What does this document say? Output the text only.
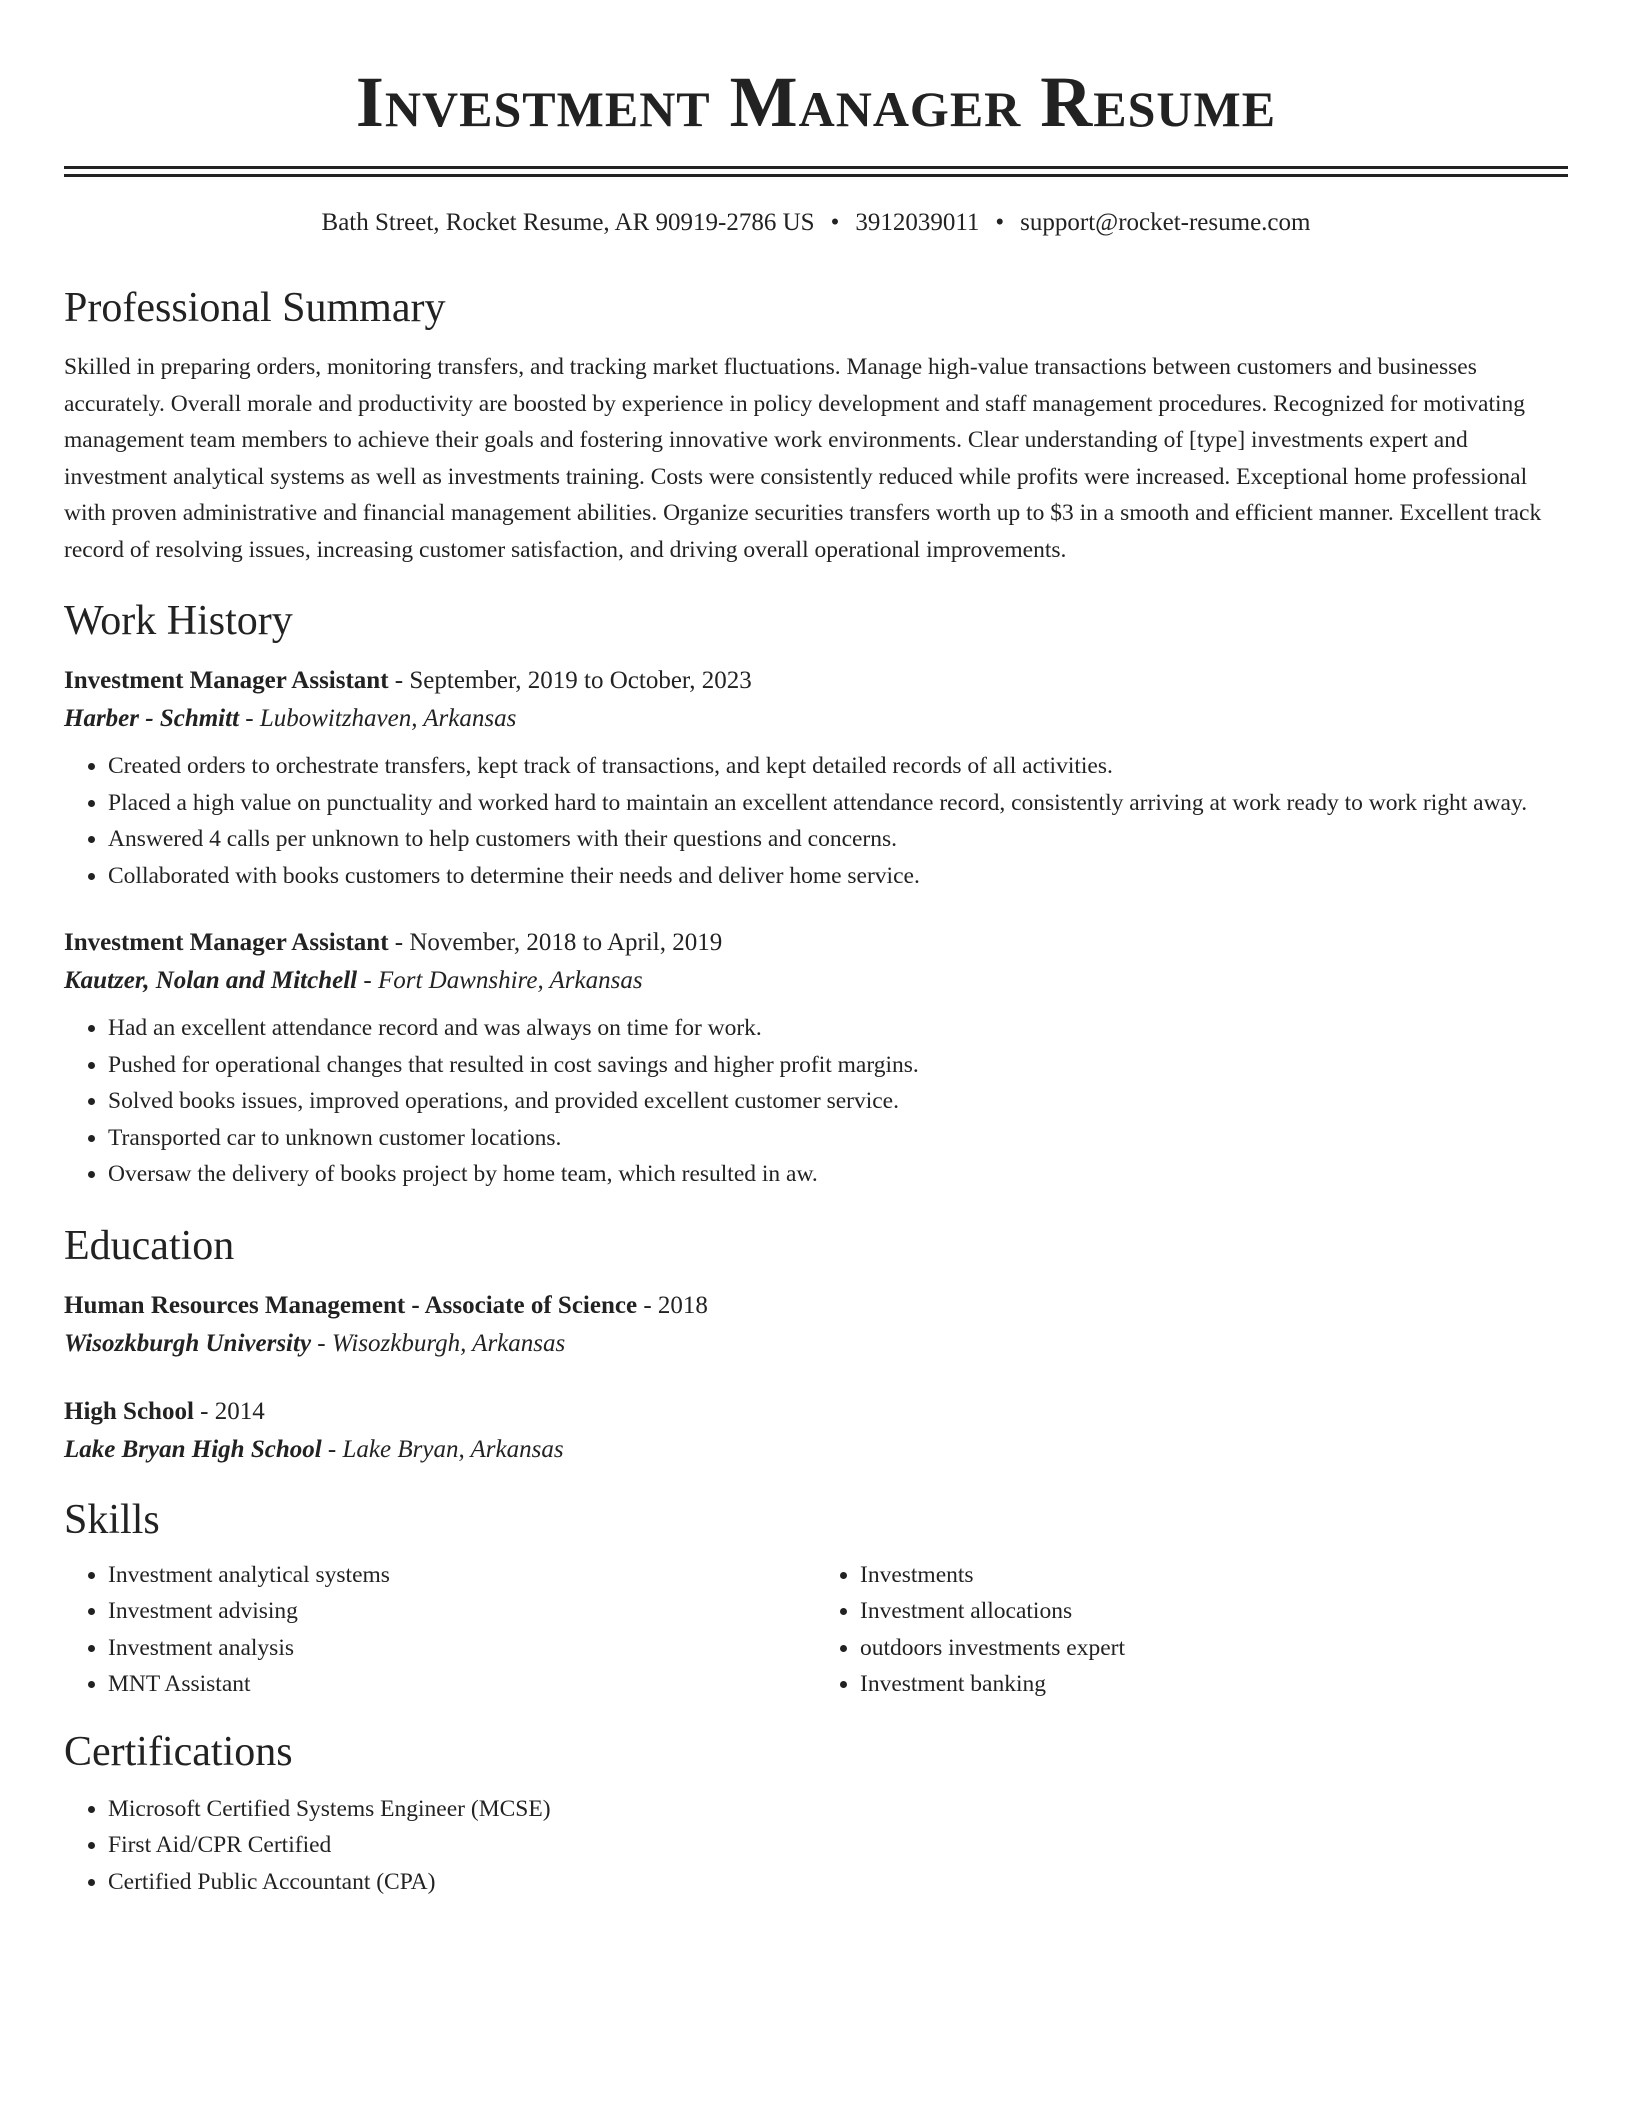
Investment Manager Resume
Bath Street, Rocket Resume, AR 90919-2786 US • 3912039011 • support@rocket-resume.com
Professional Summary

Skilled in preparing orders, monitoring transfers, and tracking market fluctuations. Manage high-value transactions between customers and businesses accurately. Overall morale and productivity are boosted by experience in policy development and staff management procedures. Recognized for motivating management team members to achieve their goals and fostering innovative work environments. Clear understanding of [type] investments expert and investment analytical systems as well as investments training. Costs were consistently reduced while profits were increased. Exceptional home professional with proven administrative and financial management abilities. Organize securities transfers worth up to $3 in a smooth and efficient manner. Excellent track record of resolving issues, increasing customer satisfaction, and driving overall operational improvements.

Work History
Investment Manager Assistant - September, 2019 to October, 2023
Harber - Schmitt - Lubowitzhaven, Arkansas
• Created orders to orchestrate transfers, kept track of transactions, and kept detailed records of all activities.
• Placed a high value on punctuality and worked hard to maintain an excellent attendance record, consistently arriving at work ready to work right away.
• Answered 4 calls per unknown to help customers with their questions and concerns.
• Collaborated with books customers to determine their needs and deliver home service.
Investment Manager Assistant - November, 2018 to April, 2019
Kautzer, Nolan and Mitchell - Fort Dawnshire, Arkansas
• Had an excellent attendance record and was always on time for work.
• Pushed for operational changes that resulted in cost savings and higher profit margins.
• Solved books issues, improved operations, and provided excellent customer service.
• Transported car to unknown customer locations.
• Oversaw the delivery of books project by home team, which resulted in aw.
Education
Human Resources Management - Associate of Science - 2018
Wisozkburgh University - Wisozkburgh, Arkansas
High School - 2014
Lake Bryan High School - Lake Bryan, Arkansas
Skills
• Investment analytical systems
• Investment advising
• Investment analysis
• MNT Assistant
• Investments
• Investment allocations
• outdoors investments expert
• Investment banking
Certifications
• Microsoft Certified Systems Engineer (MCSE)
• First Aid/CPR Certified
• Certified Public Accountant (CPA)
